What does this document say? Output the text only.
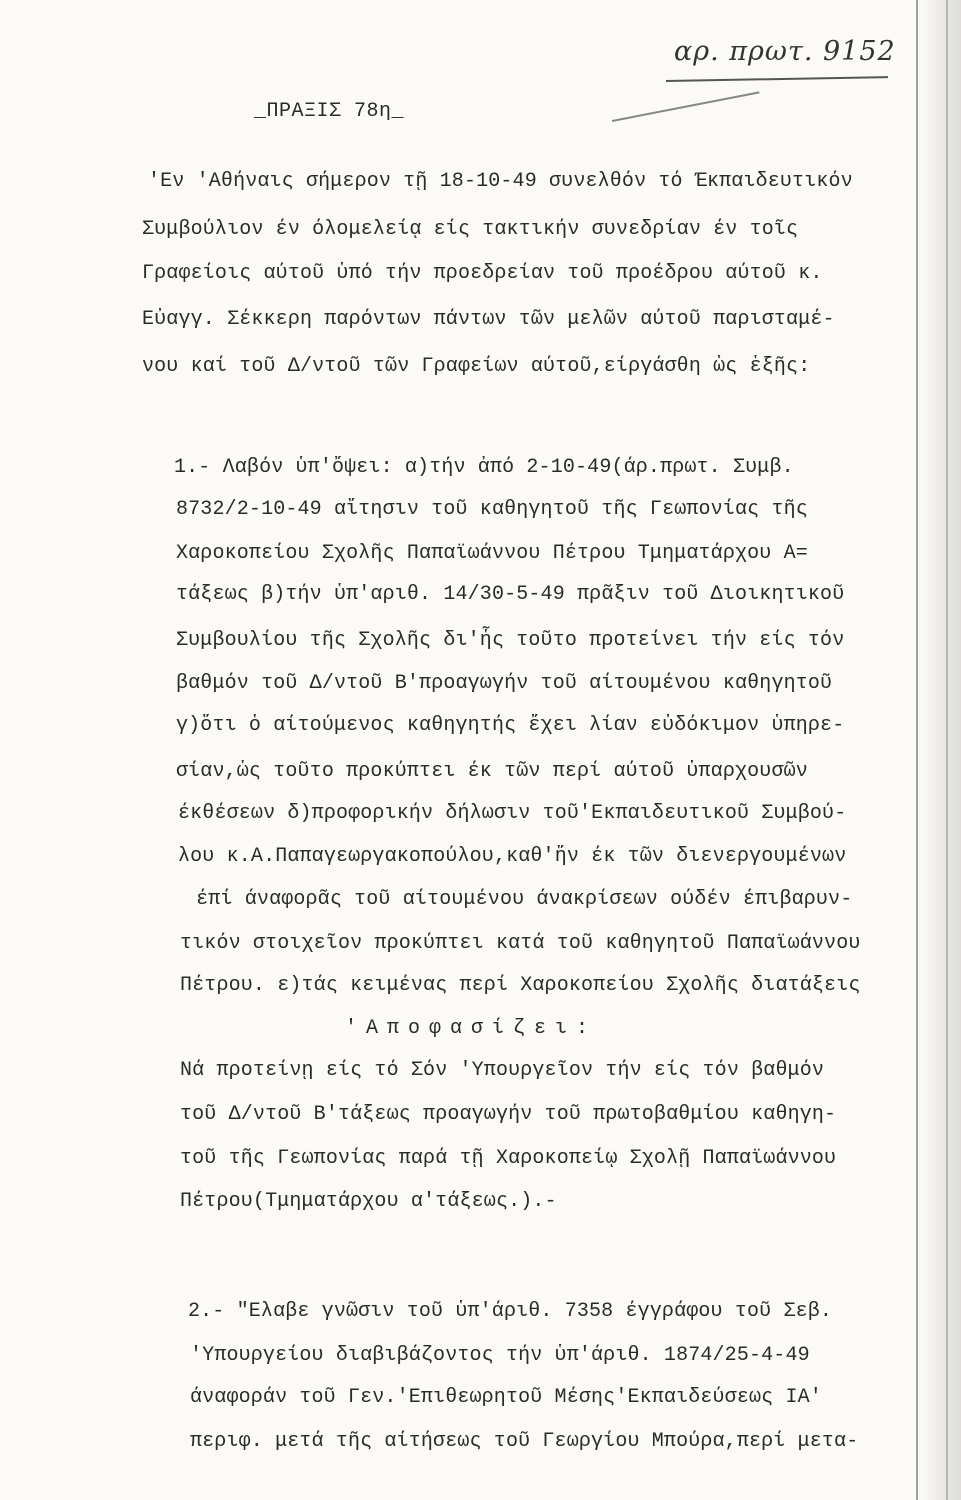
αρ. πρωτ. 9152
_ΠΡΑΞΙΣ 78η_
'Εν 'Αθήναις σήμερον τῇ 18-10-49 συνελθόν τό Έκπαιδευτικόν
Συμβούλιον έν όλομελείᾳ είς τακτικήν συνεδρίαν έν τοῖς
Γραφείοις αύτοῦ ὑπό τήν προεδρείαν τοῦ προέδρου αύτοῦ κ.
Εὐαγγ. Σέκκερη παρόντων πάντων τῶν μελῶν αύτοῦ παρισταμέ-
νου καί τοῦ Δ/ντοῦ τῶν Γραφείων αύτοῦ,είργάσθη ὡς ἑξῆς:
1.- Λαβόν ὑπ'ὄψει: α)τήν ἀπό 2-10-49(άρ.πρωτ. Συμβ.
8732/2-10-49 αἴτησιν τοῦ καθηγητοῦ τῆς Γεωπονίας τῆς
Χαροκοπείου Σχολῆς Παπαϊωάννου Πέτρου Τμηματάρχου Α=
τάξεως β)τήν ὑπ'αριθ. 14/30-5-49 πρᾶξιν τοῦ Διοικητικοῦ
Συμβουλίου τῆς Σχολῆς δι'ἧς τοῦτο προτείνει τήν είς τόν
βαθμόν τοῦ Δ/ντοῦ Β'προαγωγήν τοῦ αίτουμένου καθηγητοῦ
γ)ὅτι ὁ αίτούμενος καθηγητής ἔχει λίαν εὐδόκιμον ὑπηρε-
σίαν,ὡς τοῦτο προκύπτει έκ τῶν περί αύτοῦ ὑπαρχουσῶν
έκθέσεων δ)προφορικήν δήλωσιν τοῦ'Εκπαιδευτικοῦ Συμβού-
λου κ.Α.Παπαγεωργακοπούλου,καθ'ἥν έκ τῶν διενεργουμένων
έπί άναφορᾶς τοῦ αίτουμένου άνακρίσεων ούδέν έπιβαρυν-
τικόν στοιχεῖον προκύπτει κατά τοῦ καθηγητοῦ Παπαϊωάννου
Πέτρου. ε)τάς κειμένας περί Χαροκοπείου Σχολῆς διατάξεις
'Αποφασίζει:
Νά προτείνῃ είς τό Σόν 'Υπουργεῖον τήν είς τόν βαθμόν
τοῦ Δ/ντοῦ Β'τάξεως προαγωγήν τοῦ πρωτοβαθμίου καθηγη-
τοῦ τῆς Γεωπονίας παρά τῇ Χαροκοπείῳ Σχολῇ Παπαϊωάννου
Πέτρου(Τμηματάρχου α'τάξεως.).-
2.- "Ελαβε γνῶσιν τοῦ ὑπ'άριθ. 7358 έγγράφου τοῦ Σεβ.
'Υπουργείου διαβιβάζοντος τήν ὑπ'άριθ. 1874/25-4-49
άναφοράν τοῦ Γεν.'Επιθεωρητοῦ Μέσης'Εκπαιδεύσεως ΙΑ'
περιφ. μετά τῆς αίτήσεως τοῦ Γεωργίου Μπούρα,περί μετα-
